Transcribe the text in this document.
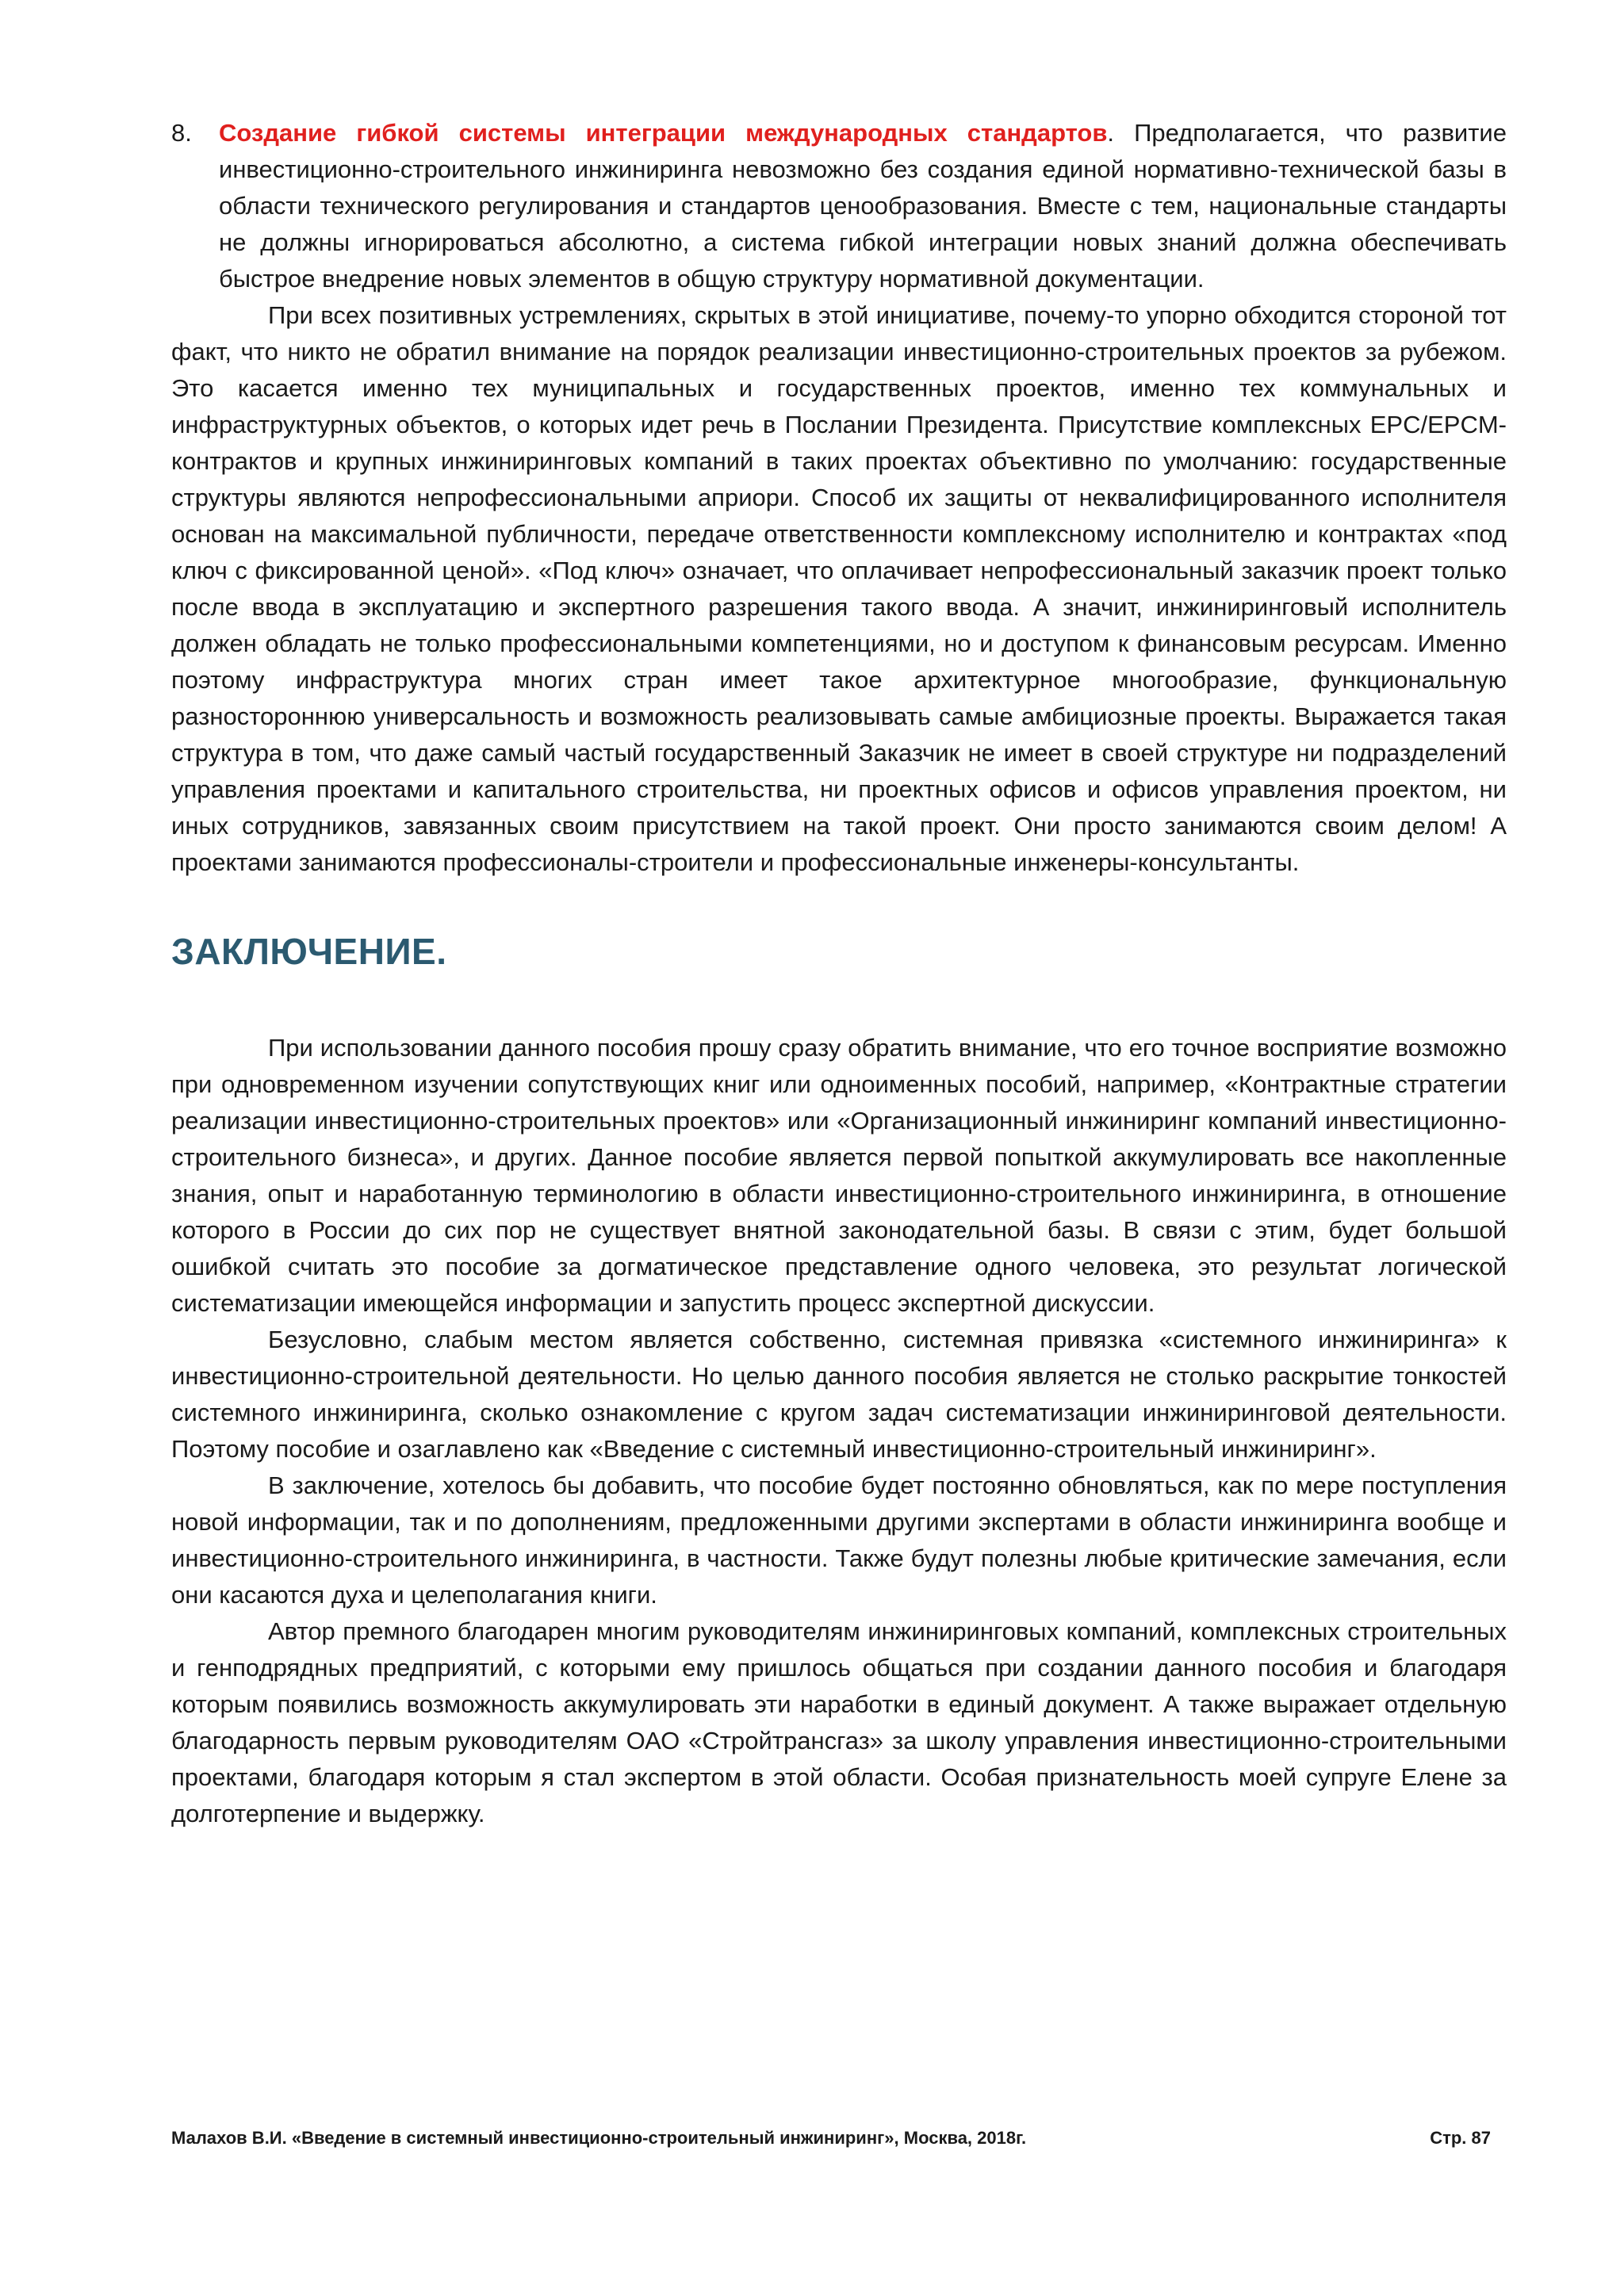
8. Создание гибкой системы интеграции международных стандартов. Предполагается, что развитие инвестиционно-строительного инжиниринга невозможно без создания единой нормативно-технической базы в области технического регулирования и стандартов ценообразования. Вместе с тем, национальные стандарты не должны игнорироваться абсолютно, а система гибкой интеграции новых знаний должна обеспечивать быстрое внедрение новых элементов в общую структуру нормативной документации.

При всех позитивных устремлениях, скрытых в этой инициативе, почему-то упорно обходится стороной тот факт, что никто не обратил внимание на порядок реализации инвестиционно-строительных проектов за рубежом. Это касается именно тех муниципальных и государственных проектов, именно тех коммунальных и инфраструктурных объектов, о которых идет речь в Послании Президента. Присутствие комплексных EPC/EPCM-контрактов и крупных инжиниринговых компаний в таких проектах объективно по умолчанию: государственные структуры являются непрофессиональными априори. Способ их защиты от неквалифицированного исполнителя основан на максимальной публичности, передаче ответственности комплексному исполнителю и контрактах «под ключ с фиксированной ценой». «Под ключ» означает, что оплачивает непрофессиональный заказчик проект только после ввода в эксплуатацию и экспертного разрешения такого ввода. А значит, инжиниринговый исполнитель должен обладать не только профессиональными компетенциями, но и доступом к финансовым ресурсам. Именно поэтому инфраструктура многих стран имеет такое архитектурное многообразие, функциональную разностороннюю универсальность и возможность реализовывать самые амбициозные проекты. Выражается такая структура в том, что даже самый частый государственный Заказчик не имеет в своей структуре ни подразделений управления проектами и капитального строительства, ни проектных офисов и офисов управления проектом, ни иных сотрудников, завязанных своим присутствием на такой проект. Они просто занимаются своим делом! А проектами занимаются профессионалы-строители и профессиональные инженеры-консультанты.

ЗАКЛЮЧЕНИЕ.

При использовании данного пособия прошу сразу обратить внимание, что его точное восприятие возможно при одновременном изучении сопутствующих книг или одноименных пособий, например, «Контрактные стратегии реализации инвестиционно-строительных проектов» или «Организационный инжиниринг компаний инвестиционно-строительного бизнеса», и других. Данное пособие является первой попыткой аккумулировать все накопленные знания, опыт и наработанную терминологию в области инвестиционно-строительного инжиниринга, в отношение которого в России до сих пор не существует внятной законодательной базы. В связи с этим, будет большой ошибкой считать это пособие за догматическое представление одного человека, это результат логической систематизации имеющейся информации и запустить процесс экспертной дискуссии.

Безусловно, слабым местом является собственно, системная привязка «системного инжиниринга» к инвестиционно-строительной деятельности. Но целью данного пособия является не столько раскрытие тонкостей системного инжиниринга, сколько ознакомление с кругом задач систематизации инжиниринговой деятельности. Поэтому пособие и озаглавлено как «Введение с системный инвестиционно-строительный инжиниринг».

В заключение, хотелось бы добавить, что пособие будет постоянно обновляться, как по мере поступления новой информации, так и по дополнениям, предложенными другими экспертами в области инжиниринга вообще и инвестиционно-строительного инжиниринга, в частности. Также будут полезны любые критические замечания, если они касаются духа и целеполагания книги.

Автор премного благодарен многим руководителям инжиниринговых компаний, комплексных строительных и генподрядных предприятий, с которыми ему пришлось общаться при создании данного пособия и благодаря которым появились возможность аккумулировать эти наработки в единый документ. А также выражает отдельную благодарность первым руководителям ОАО «Стройтрансгаз» за школу управления инвестиционно-строительными проектами, благодаря которым я стал экспертом в этой области. Особая признательность моей супруге Елене за долготерпение и выдержку.

Малахов В.И. «Введение в системный инвестиционно-строительный инжиниринг», Москва, 2018г.	Стр. 87
